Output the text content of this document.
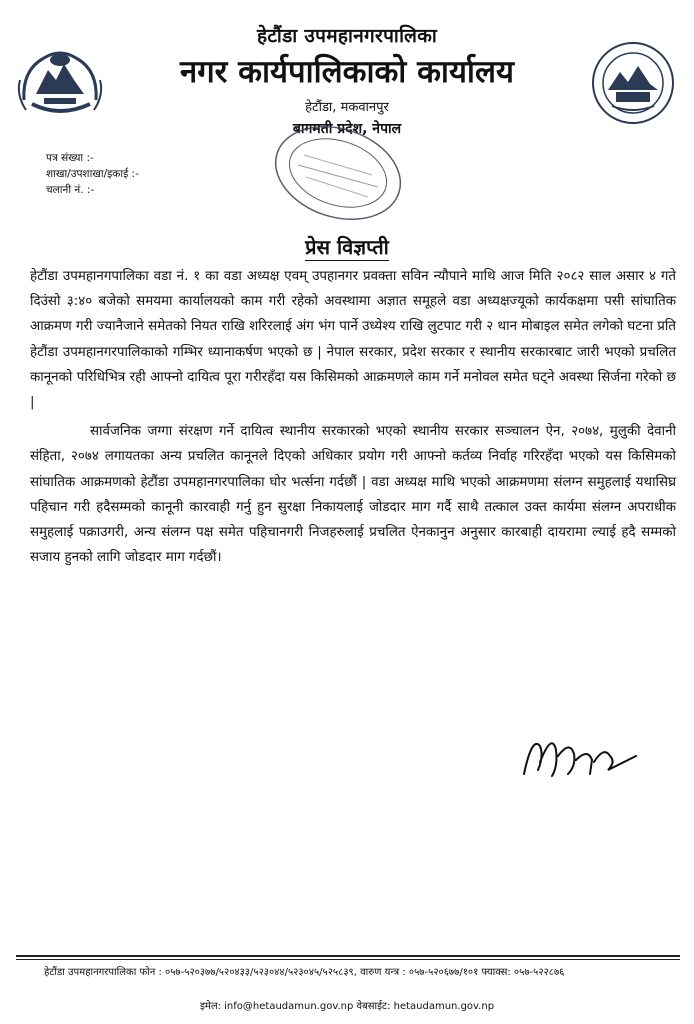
हेटौंडा उपमहानगरपालिका
नगर कार्यपालिकाको कार्यालय
हेटौंडा, मकवानपुर
बागमती प्रदेश, नेपाल
पत्र संख्या :-
शाखा/उपशाखा/इकाई :-
चलानी नं. :-
प्रेस विज्ञप्ती

हेटौंडा उपमहानगपालिका वडा नं. १ का वडा अध्यक्ष एवम् उपहानगर प्रवक्ता सविन न्यौपाने माथि आज मिति २०८२ साल असार ४ गते दिउंसो ३:४० बजेको समयमा कार्यालयको काम गरी रहेको अवस्थामा अज्ञात समूहले वडा अध्यक्षज्यूको कार्यकक्षमा पसी सांघातिक आक्रमण गरी ज्यानैजाने समेतको नियत राखि शरिरलाई अंग भंग पार्ने उध्येश्य राखि लुटपाट गरी २ थान मोबाइल समेत लगेको घटना प्रति हेटौंडा उपमहानगरपालिकाको गम्भिर ध्यानाकर्षण भएको छ | नेपाल सरकार, प्रदेश सरकार र स्थानीय सरकारबाट जारी भएको प्रचलित कानूनको परिधिभित्र रही आफ्नो दायित्व पूरा गरीरहँदा यस किसिमको आक्रमणले काम गर्ने मनोवल समेत घट्ने अवस्था सिर्जना गरेको छ |

सार्वजनिक जग्गा संरक्षण गर्ने दायित्व स्थानीय सरकारको भएको स्थानीय सरकार सञ्चालन ऐन, २०७४, मुलुकी देवानी संहिता, २०७४ लगायतका अन्य प्रचलित कानूनले दिएको अधिकार प्रयोग गरी आफ्नो कर्तव्य निर्वाह गरिरहँदा भएको यस किसिमको सांघातिक आक्रमणको हेटौंडा उपमहानगरपालिका घोर भर्त्सना गर्दछौं | वडा अध्यक्ष माथि भएको आक्रमणमा संलग्न समुहलाई यथासिघ्र पहिचान गरी हदैसम्मको कानूनी कारवाही गर्नु हुन सुरक्षा निकायलाई जोडदार माग गर्दै साथै तत्काल उक्त कार्यमा संलग्न अपराधीक समुहलाई पक्राउगरी, अन्य संलग्न पक्ष समेत पहिचानगरी निजहरुलाई प्रचलित ऐनकानुन अनुसार कारबाही दायरामा ल्याई हदै सम्मको सजाय हुनको लागि जोडदार माग गर्दछौं।

हेटौंडा उपमहानगरपालिका फोन : ०५७-५२०३७७/५२०४३३/५२३०४४/५२३०४५/५२५८३९, वारुण यन्त्र : ०५७-५२०६७७/१०१ फ्याक्स: ०५७-५२२८७६
इमेल: info@hetaudamun.gov.np वेबसाईट: hetaudamun.gov.np
